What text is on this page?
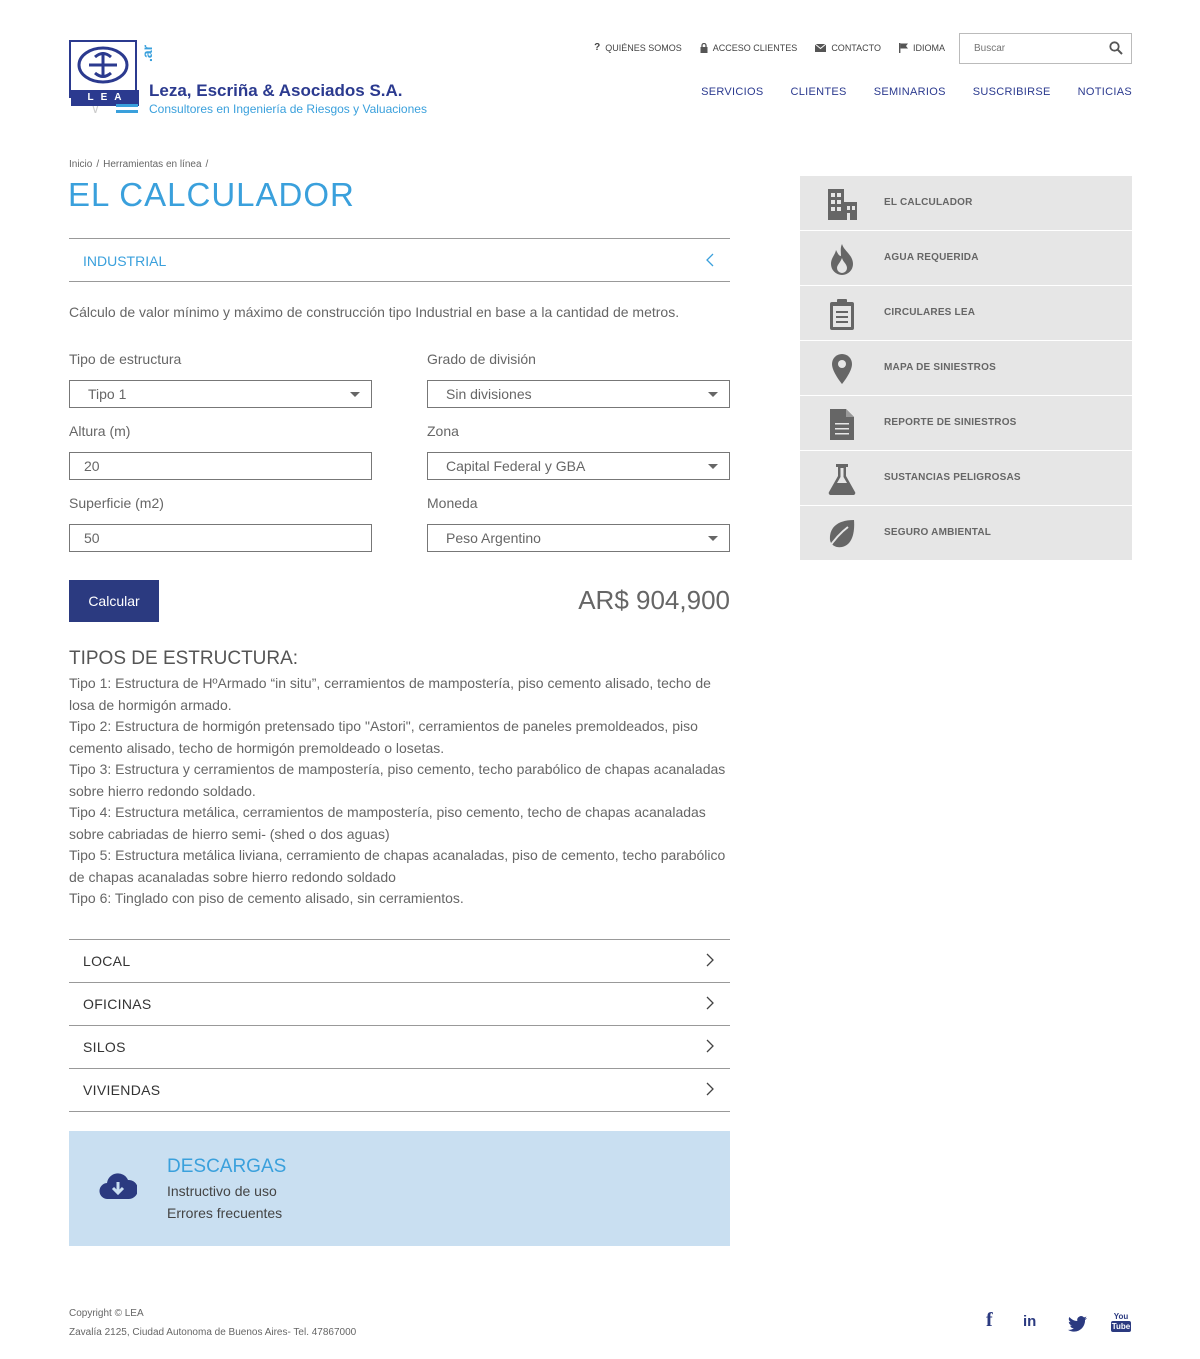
LEA
.ar
∨
Leza, Escriña & Asociados S.A.
Consultores en Ingeniería de Riesgos y Valuaciones
? QUIÉNES SOMOS	ACCESO CLIENTES	CONTACTO	IDIOMA
Buscar
SERVICIOS CLIENTES SEMINARIOS SUSCRIBIRSE NOTICIAS
Inicio / Herramientas en línea /
EL CALCULADOR
INDUSTRIAL

Cálculo de valor mínimo y máximo de construcción tipo Industrial en base a la cantidad de metros.

Tipo de estructura
Tipo 1
Altura (m)
20
Superficie (m2)
50
Grado de división
Sin divisiones
Zona
Capital Federal y GBA
Moneda
Peso Argentino
Calcular	AR$ 904,900
TIPOS DE ESTRUCTURA:
Tipo 1: Estructura de HºArmado “in situ”, cerramientos de mampostería, piso cemento alisado, techo de losa de hormigón armado.
Tipo 2: Estructura de hormigón pretensado tipo "Astori", cerramientos de paneles premoldeados, piso cemento alisado, techo de hormigón premoldeado o losetas.
Tipo 3: Estructura y cerramientos de mampostería, piso cemento, techo parabólico de chapas acanaladas sobre hierro redondo soldado.
Tipo 4: Estructura metálica, cerramientos de mampostería, piso cemento, techo de chapas acanaladas sobre cabriadas de hierro semi- (shed o dos aguas)
Tipo 5: Estructura metálica liviana, cerramiento de chapas acanaladas, piso de cemento, techo parabólico de chapas acanaladas sobre hierro redondo soldado
Tipo 6: Tinglado con piso de cemento alisado, sin cerramientos.
LOCAL
OFICINAS
SILOS
VIVIENDAS
DESCARGAS
Instructivo de uso
Errores frecuentes
EL CALCULADOR
AGUA REQUERIDA
CIRCULARES LEA
MAPA DE SINIESTROS
REPORTE DE SINIESTROS
SUSTANCIAS PELIGROSAS
SEGURO AMBIENTAL
Copyright © LEA
Zavalía 2125, Ciudad Autonoma de Buenos Aires- Tel. 47867000
f in	You
Tube
